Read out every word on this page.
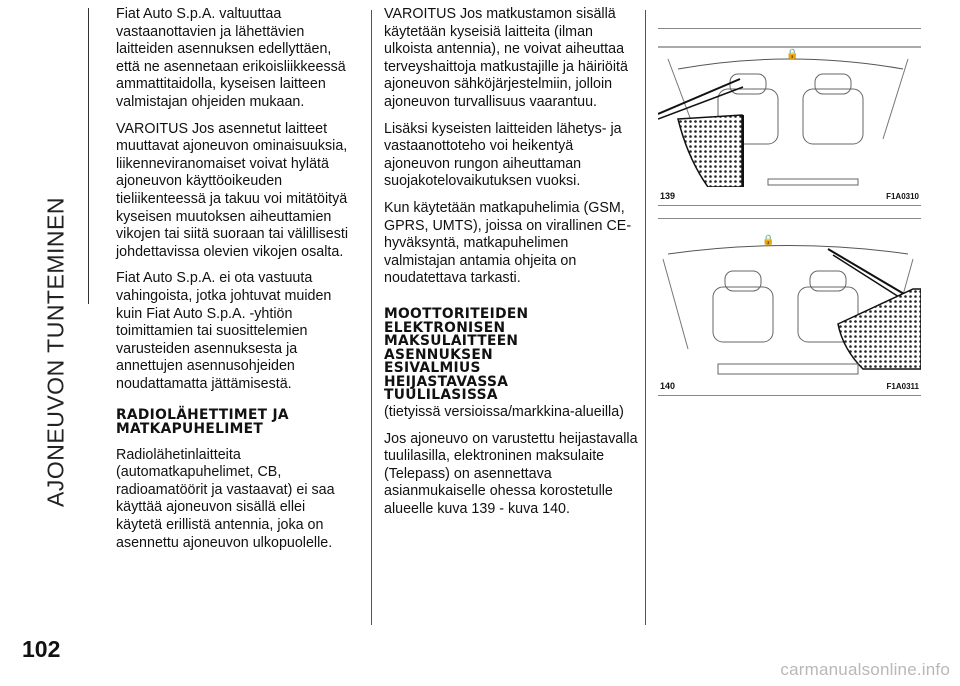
AJONEUVON TUNTEMINEN
102

Fiat Auto S.p.A. valtuuttaa vastaanottavien ja lähettävien laitteiden asennuksen edellyttäen, että ne asennetaan erikoisliikkeessä ammattitaidolla, kyseisen laitteen valmistajan ohjeiden mukaan.

VAROITUS Jos asennetut laitteet muuttavat ajoneuvon ominaisuuksia, liikenneviranomaiset voivat hylätä ajoneuvon käyttöoikeuden tieliikenteessä ja takuu voi mitätöityä kyseisen muutoksen aiheuttamien vikojen tai siitä suoraan tai välillisesti johdettavissa olevien vikojen osalta.

Fiat Auto S.p.A. ei ota vastuuta vahingoista, jotka johtuvat muiden kuin Fiat Auto S.p.A. -yhtiön toimittamien tai suosittelemien varusteiden asennuksesta ja annettujen asennusohjeiden noudattamatta jättämisestä.

RADIOLÄHETTIMET JA MATKAPUHELIMET

Radiolähetinlaitteita (automatkapuhelimet, CB, radioamatöörit ja vastaavat) ei saa käyttää ajoneuvon sisällä ellei käytetä erillistä antennia, joka on asennettu ajoneuvon ulkopuolelle.

VAROITUS Jos matkustamon sisällä käytetään kyseisiä laitteita (ilman ulkoista antennia), ne voivat aiheuttaa terveyshaittoja matkustajille ja häiriöitä ajoneuvon sähköjärjestelmiin, jolloin ajoneuvon turvallisuus vaarantuu.

Lisäksi kyseisten laitteiden lähetys- ja vastaanottoteho voi heikentyä ajoneuvon rungon aiheuttaman suojakotelovaikutuksen vuoksi.

Kun käytetään matkapuhelimia (GSM, GPRS, UMTS), joissa on virallinen CE-hyväksyntä, matkapuhelimen valmistajan antamia ohjeita on noudatettava tarkasti.

MOOTTORITEIDEN ELEKTRONISEN MAKSULAITTEEN ASENNUKSEN ESIVALMIUS HEIJASTAVASSA TUULILASISSA

(tietyissä versioissa/markkina-alueilla)

Jos ajoneuvo on varustettu heijastavalla tuulilasilla, elektroninen maksulaite (Telepass) on asennettava asianmukaiselle ohessa korostetulle alueelle kuva 139 - kuva 140.

🔒
139	F1A0310
🔒
140	F1A0311
carmanualsonline.info
